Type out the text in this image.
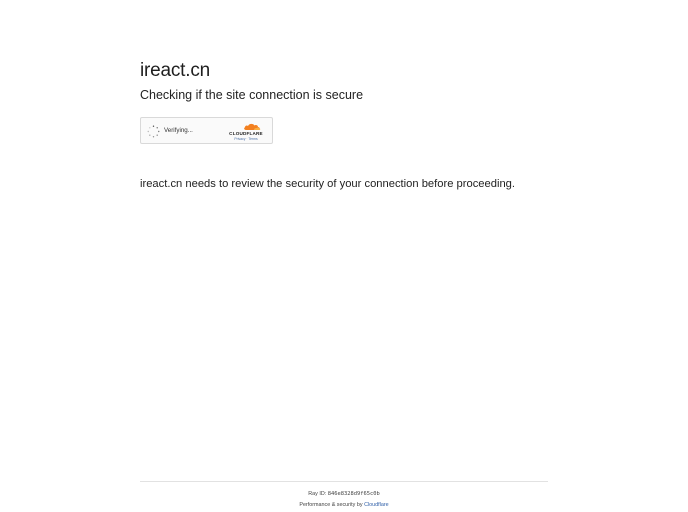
ireact.cn
Checking if the site connection is secure
Verifying...	CLOUDFLARE
Privacy · Terms

ireact.cn needs to review the security of your connection before proceeding.

Ray ID: 846e8328d9f65c0b
Performance & security by Cloudflare
